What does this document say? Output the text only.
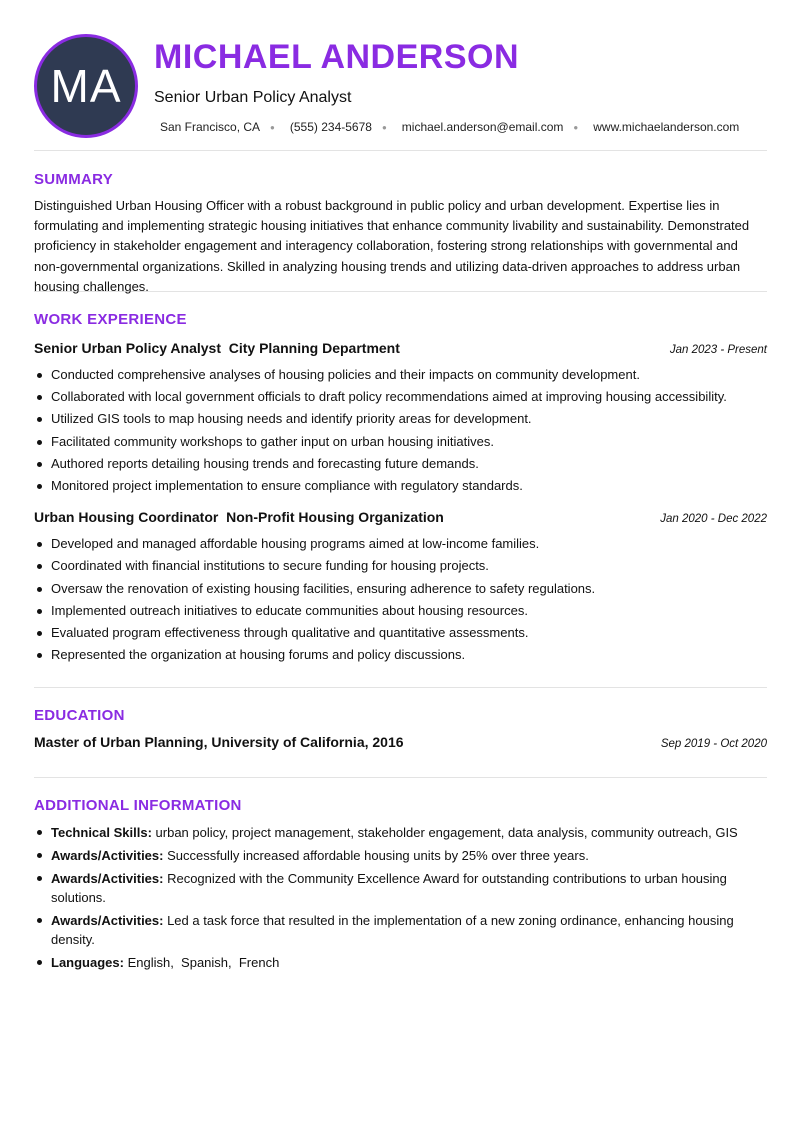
MA
MICHAEL ANDERSON
Senior Urban Policy Analyst
San Francisco, CA ● (555) 234-5678 ● michael.anderson@email.com ● www.michaelanderson.com
SUMMARY

Distinguished Urban Housing Officer with a robust background in public policy and urban development. Expertise lies in formulating and implementing strategic housing initiatives that enhance community livability and sustainability. Demonstrated proficiency in stakeholder engagement and interagency collaboration, fostering strong relationships with governmental and non-governmental organizations. Skilled in analyzing housing trends and utilizing data-driven approaches to address urban housing challenges.

WORK EXPERIENCE
Senior Urban Policy Analyst  City Planning Department	Jan 2023 - Present
Conducted comprehensive analyses of housing policies and their impacts on community development.
Collaborated with local government officials to draft policy recommendations aimed at improving housing accessibility.
Utilized GIS tools to map housing needs and identify priority areas for development.
Facilitated community workshops to gather input on urban housing initiatives.
Authored reports detailing housing trends and forecasting future demands.
Monitored project implementation to ensure compliance with regulatory standards.
Urban Housing Coordinator  Non-Profit Housing Organization	Jan 2020 - Dec 2022
Developed and managed affordable housing programs aimed at low-income families.
Coordinated with financial institutions to secure funding for housing projects.
Oversaw the renovation of existing housing facilities, ensuring adherence to safety regulations.
Implemented outreach initiatives to educate communities about housing resources.
Evaluated program effectiveness through qualitative and quantitative assessments.
Represented the organization at housing forums and policy discussions.
EDUCATION
Master of Urban Planning, University of California, 2016	Sep 2019 - Oct 2020
ADDITIONAL INFORMATION
Technical Skills: urban policy, project management, stakeholder engagement, data analysis, community outreach, GIS
Awards/Activities: Successfully increased affordable housing units by 25% over three years.
Awards/Activities: Recognized with the Community Excellence Award for outstanding contributions to urban housing solutions.
Awards/Activities: Led a task force that resulted in the implementation of a new zoning ordinance, enhancing housing density.
Languages: English,  Spanish,  French
